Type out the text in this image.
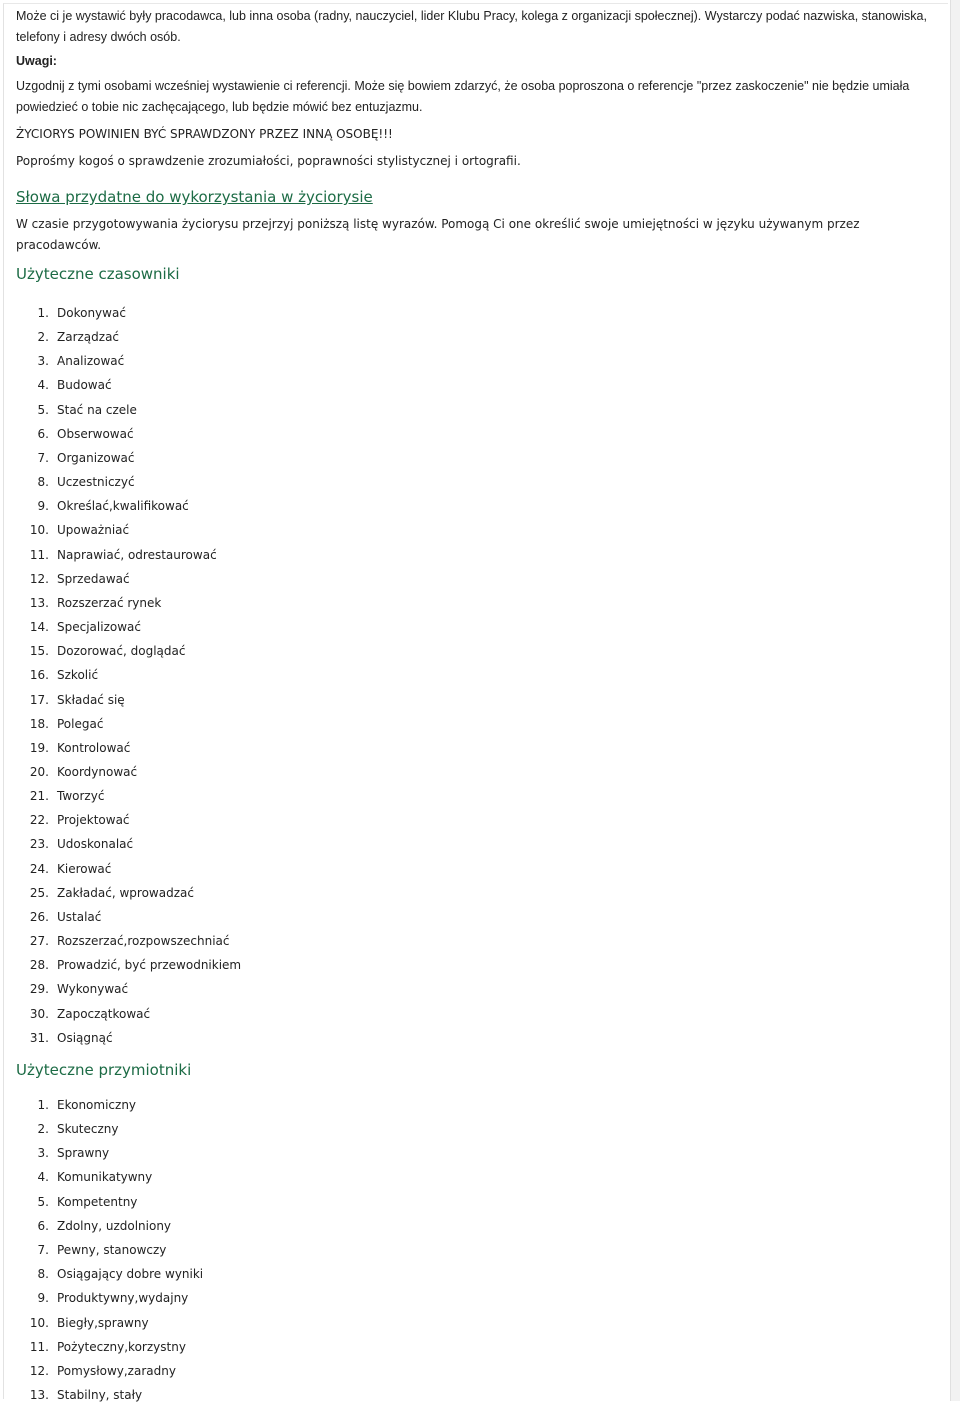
Może ci je wystawić były pracodawca, lub inna osoba (radny, nauczyciel, lider Klubu Pracy, kolega z organizacji społecznej). Wystarczy podać nazwiska, stanowiska, telefony i adresy dwóch osób.

Uwagi:

Uzgodnij z tymi osobami wcześniej wystawienie ci referencji. Może się bowiem zdarzyć, że osoba poproszona o referencje "przez zaskoczenie" nie będzie umiała powiedzieć o tobie nic zachęcającego, lub będzie mówić bez entuzjazmu.

ŻYCIORYS POWINIEN BYĆ SPRAWDZONY PRZEZ INNĄ OSOBĘ!!!

Poprośmy kogoś o sprawdzenie zrozumiałości, poprawności stylistycznej i ortografii.

Słowa przydatne do wykorzystania w życiorysie

W czasie przygotowywania życiorysu przejrzyj poniższą listę wyrazów. Pomogą Ci one określić swoje umiejętności w języku używanym przez pracodawców.

Użyteczne czasowniki
1. Dokonywać
2. Zarządzać
3. Analizować
4. Budować
5. Stać na czele
6. Obserwować
7. Organizować
8. Uczestniczyć
9. Określać,kwalifikować
10. Upoważniać
11. Naprawiać, odrestaurować
12. Sprzedawać
13. Rozszerzać rynek
14. Specjalizować
15. Dozorować, doglądać
16. Szkolić
17. Składać się
18. Polegać
19. Kontrolować
20. Koordynować
21. Tworzyć
22. Projektować
23. Udoskonalać
24. Kierować
25. Zakładać, wprowadzać
26. Ustalać
27. Rozszerzać,rozpowszechniać
28. Prowadzić, być przewodnikiem
29. Wykonywać
30. Zapoczątkować
31. Osiągnąć
Użyteczne przymiotniki
1. Ekonomiczny
2. Skuteczny
3. Sprawny
4. Komunikatywny
5. Kompetentny
6. Zdolny, uzdolniony
7. Pewny, stanowczy
8. Osiągający dobre wyniki
9. Produktywny,wydajny
10. Biegły,sprawny
11. Pożyteczny,korzystny
12. Pomysłowy,zaradny
13. Stabilny, stały
